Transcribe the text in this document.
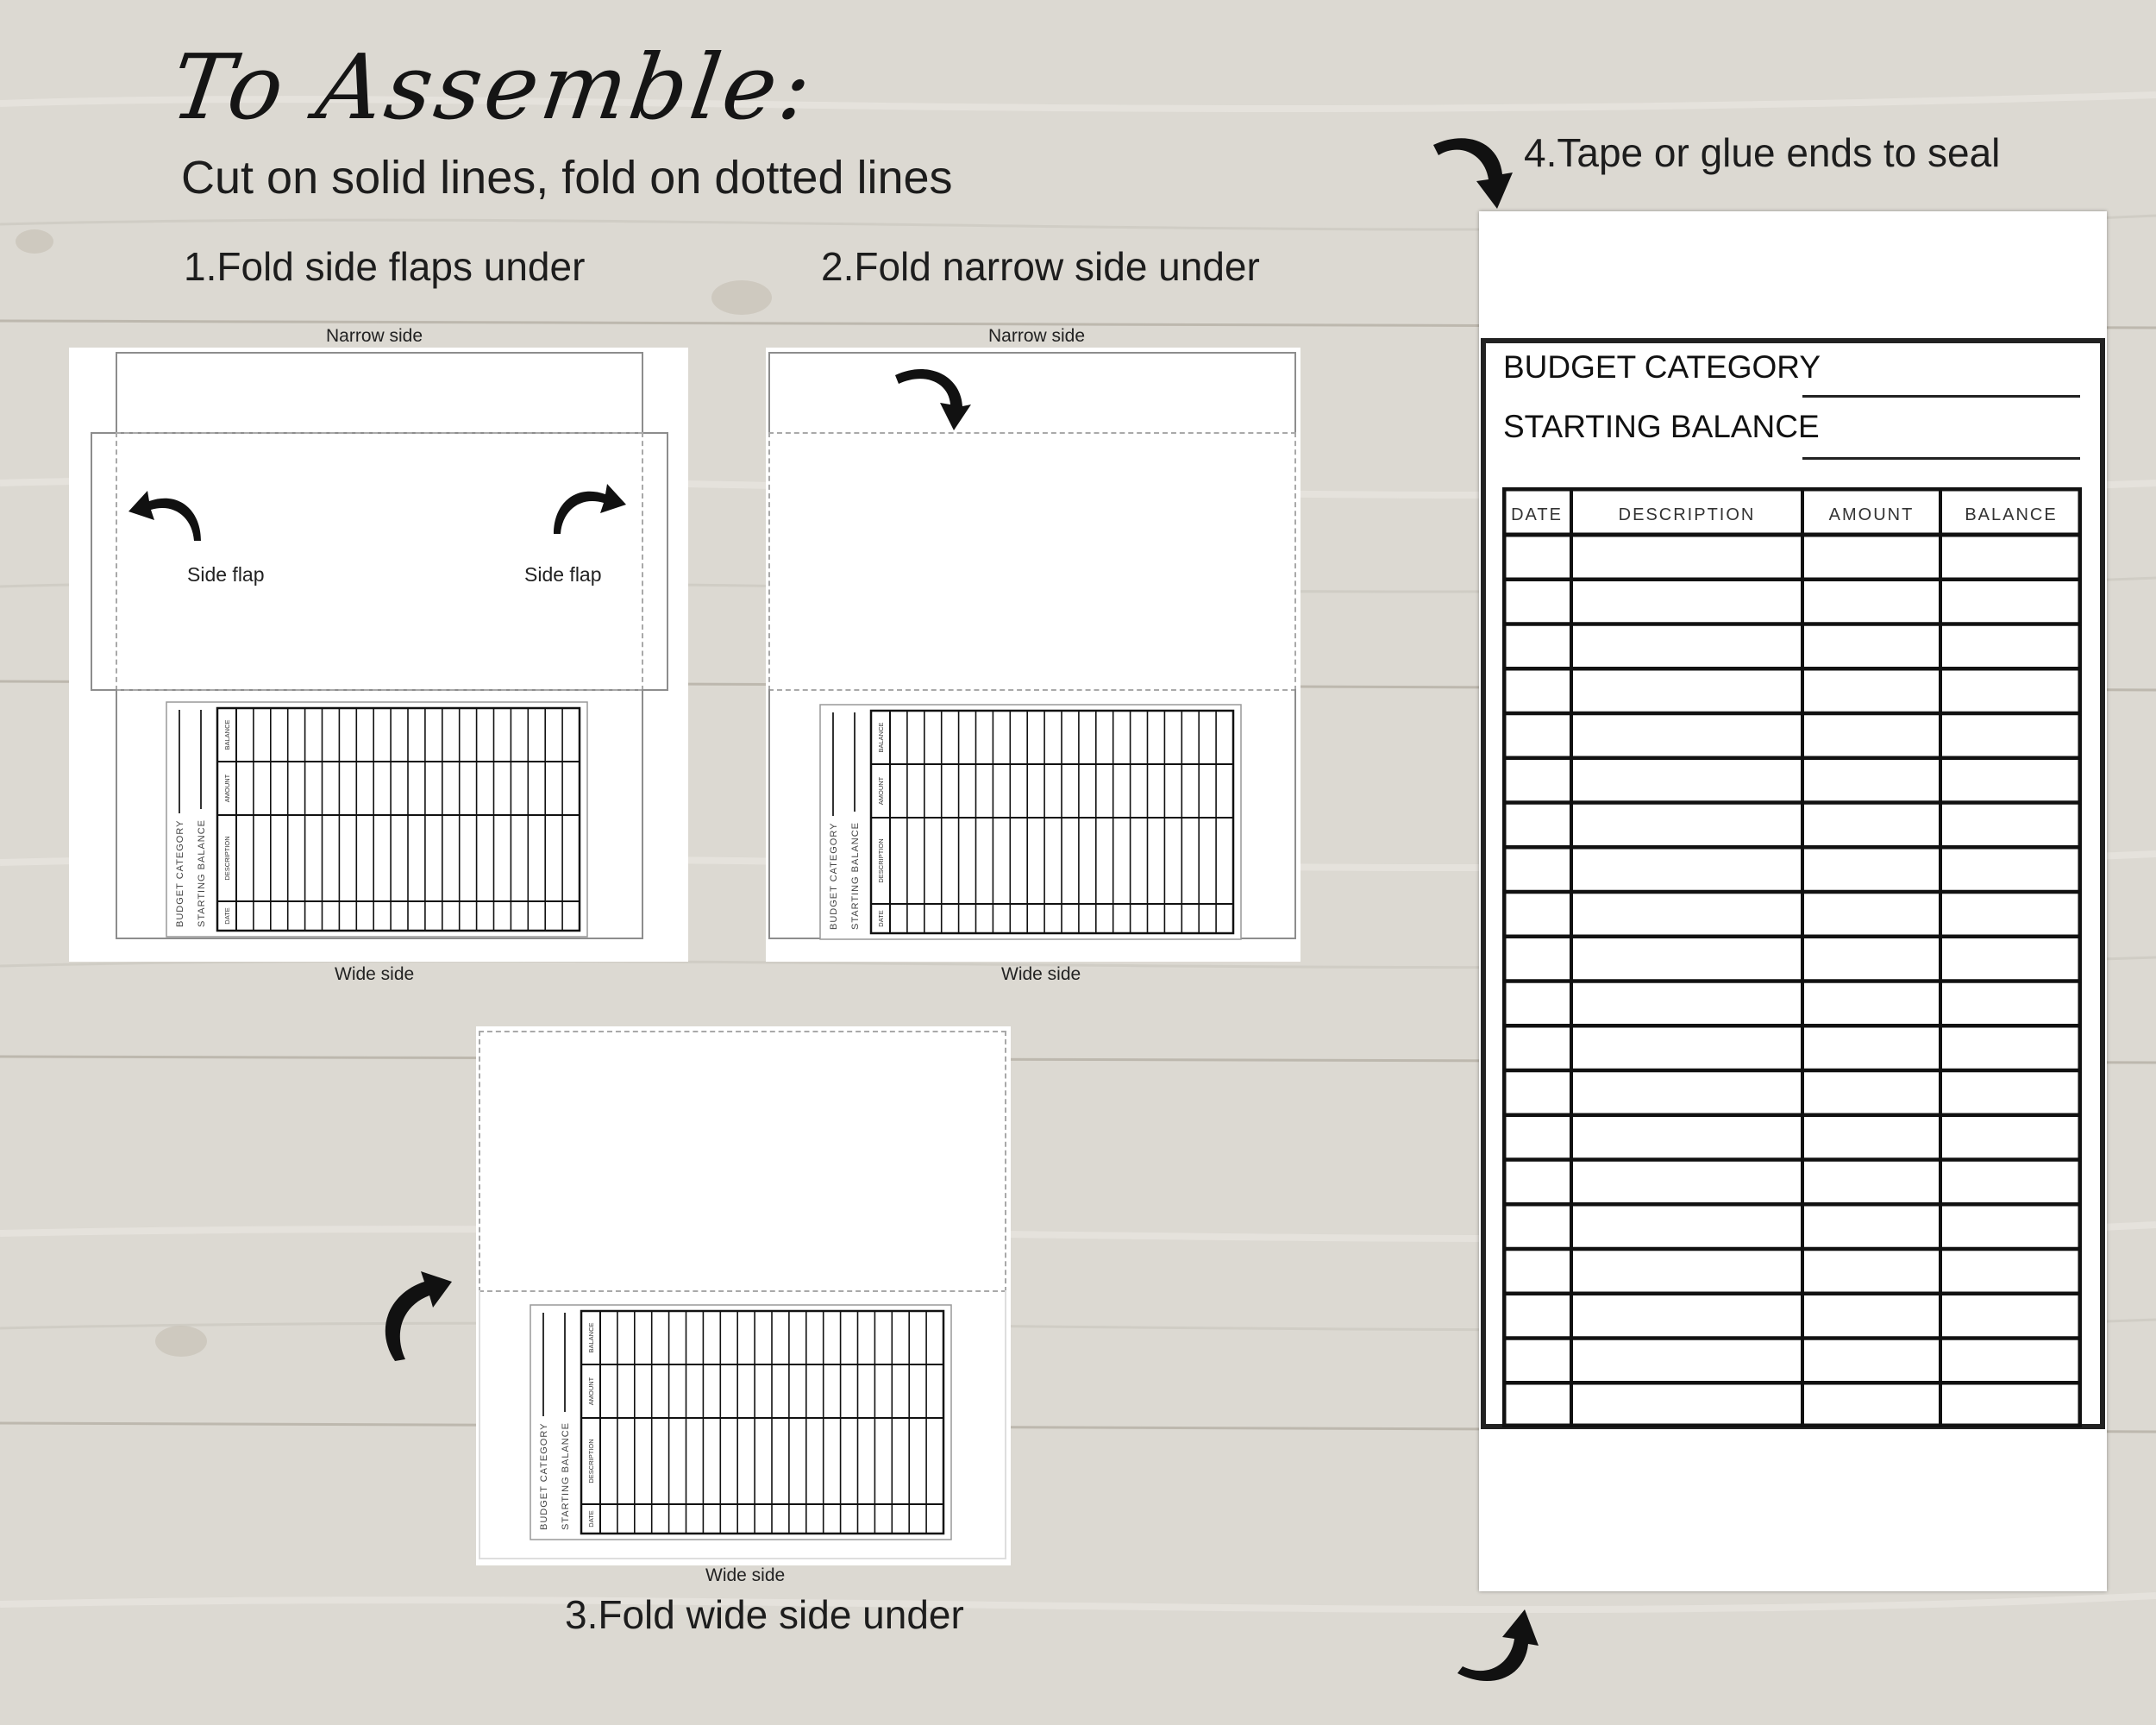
To Assemble:
Cut on solid lines, fold on dotted lines
1.Fold side flaps under	2.Fold narrow side under
3.Fold wide side under
4.Tape or glue ends to seal
Narrow side
BUDGET CATEGORY STARTING BALANCE
BALANCE
AMOUNT
DESCRIPTION
DATE
Side flap	Side flap
Wide side
Narrow side
BUDGET CATEGORY STARTING BALANCE
BALANCE
AMOUNT
DESCRIPTION
DATE
Wide side
BUDGET CATEGORY STARTING BALANCE
BALANCE
AMOUNT
DESCRIPTION
DATE
Wide side
BUDGET CATEGORY
STARTING BALANCE
DATE	DESCRIPTION	AMOUNT	BALANCE
